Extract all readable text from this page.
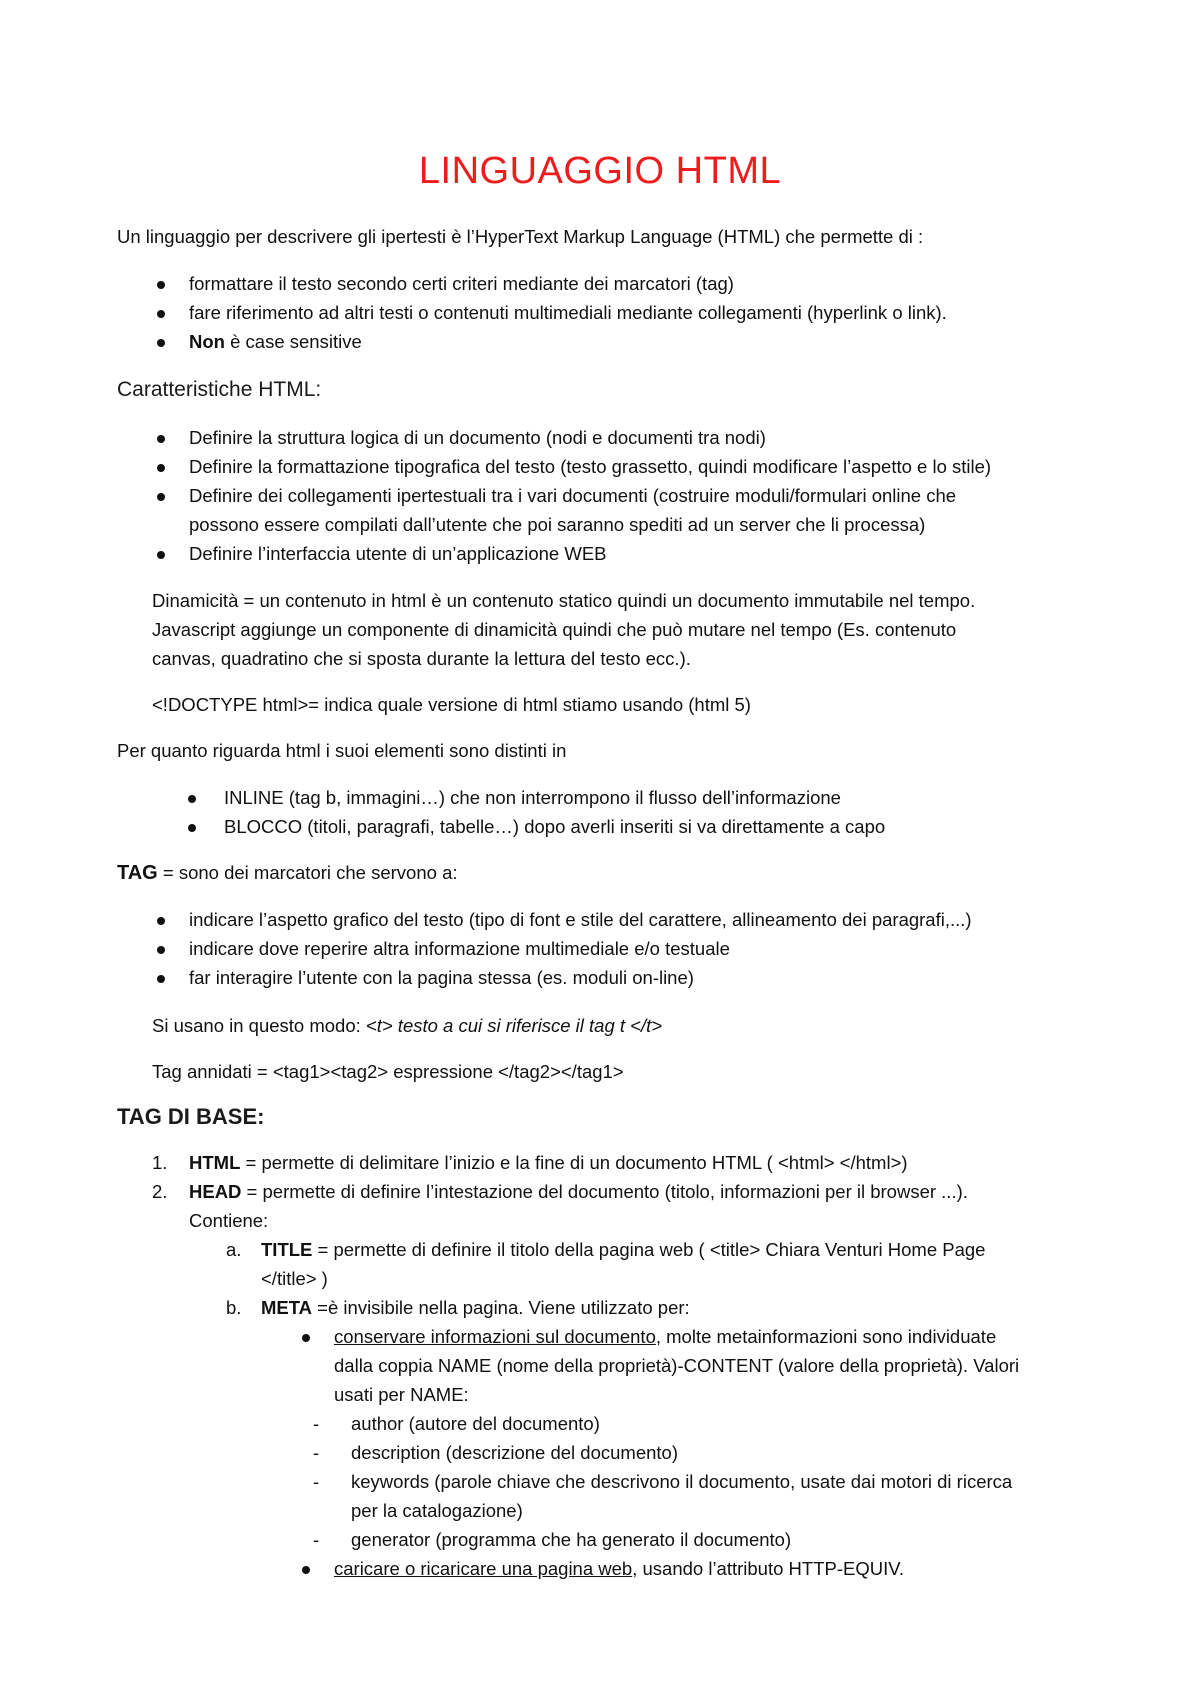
LINGUAGGIO HTML
Un linguaggio per descrivere gli ipertesti è l’HyperText Markup Language (HTML) che permette di :
formattare il testo secondo certi criteri mediante dei marcatori (tag)
fare riferimento ad altri testi o contenuti multimediali mediante collegamenti (hyperlink o link).
Non è case sensitive
Caratteristiche HTML:
Definire la struttura logica di un documento (nodi e documenti tra nodi)
Definire la formattazione tipografica del testo (testo grassetto, quindi modificare l’aspetto e lo stile)
Definire dei collegamenti ipertestuali tra i vari documenti (costruire moduli/formulari online che
possono essere compilati dall’utente che poi saranno spediti ad un server che li processa)
Definire l’interfaccia utente di un’applicazione WEB
Dinamicità = un contenuto in html è un contenuto statico quindi un documento immutabile nel tempo.
Javascript aggiunge un componente di dinamicità quindi che può mutare nel tempo (Es. contenuto
canvas, quadratino che si sposta durante la lettura del testo ecc.).
<!DOCTYPE html>= indica quale versione di html stiamo usando (html 5)
Per quanto riguarda html i suoi elementi sono distinti in
INLINE (tag b, immagini…) che non interrompono il flusso dell’informazione
BLOCCO (titoli, paragrafi, tabelle…) dopo averli inseriti si va direttamente a capo
TAG = sono dei marcatori che servono a:
indicare l’aspetto grafico del testo (tipo di font e stile del carattere, allineamento dei paragrafi,...)
indicare dove reperire altra informazione multimediale e/o testuale
far interagire l’utente con la pagina stessa (es. moduli on-line)
Si usano in questo modo: <t> testo a cui si riferisce il tag t </t>
Tag annidati = <tag1><tag2> espressione </tag2></tag1>
TAG DI BASE:
1. HTML = permette di delimitare l’inizio e la fine di un documento HTML ( <html> </html>)
2. HEAD = permette di definire l’intestazione del documento (titolo, informazioni per il browser ...).
Contiene:
a. TITLE = permette di definire il titolo della pagina web ( <title> Chiara Venturi Home Page
</title> )
b. META =è invisibile nella pagina. Viene utilizzato per:
conservare informazioni sul documento, molte metainformazioni sono individuate
dalla coppia NAME (nome della proprietà)-CONTENT (valore della proprietà). Valori
usati per NAME:
- author (autore del documento)
- description (descrizione del documento)
- keywords (parole chiave che descrivono il documento, usate dai motori di ricerca
per la catalogazione)
- generator (programma che ha generato il documento)
caricare o ricaricare una pagina web, usando l’attributo HTTP-EQUIV.
